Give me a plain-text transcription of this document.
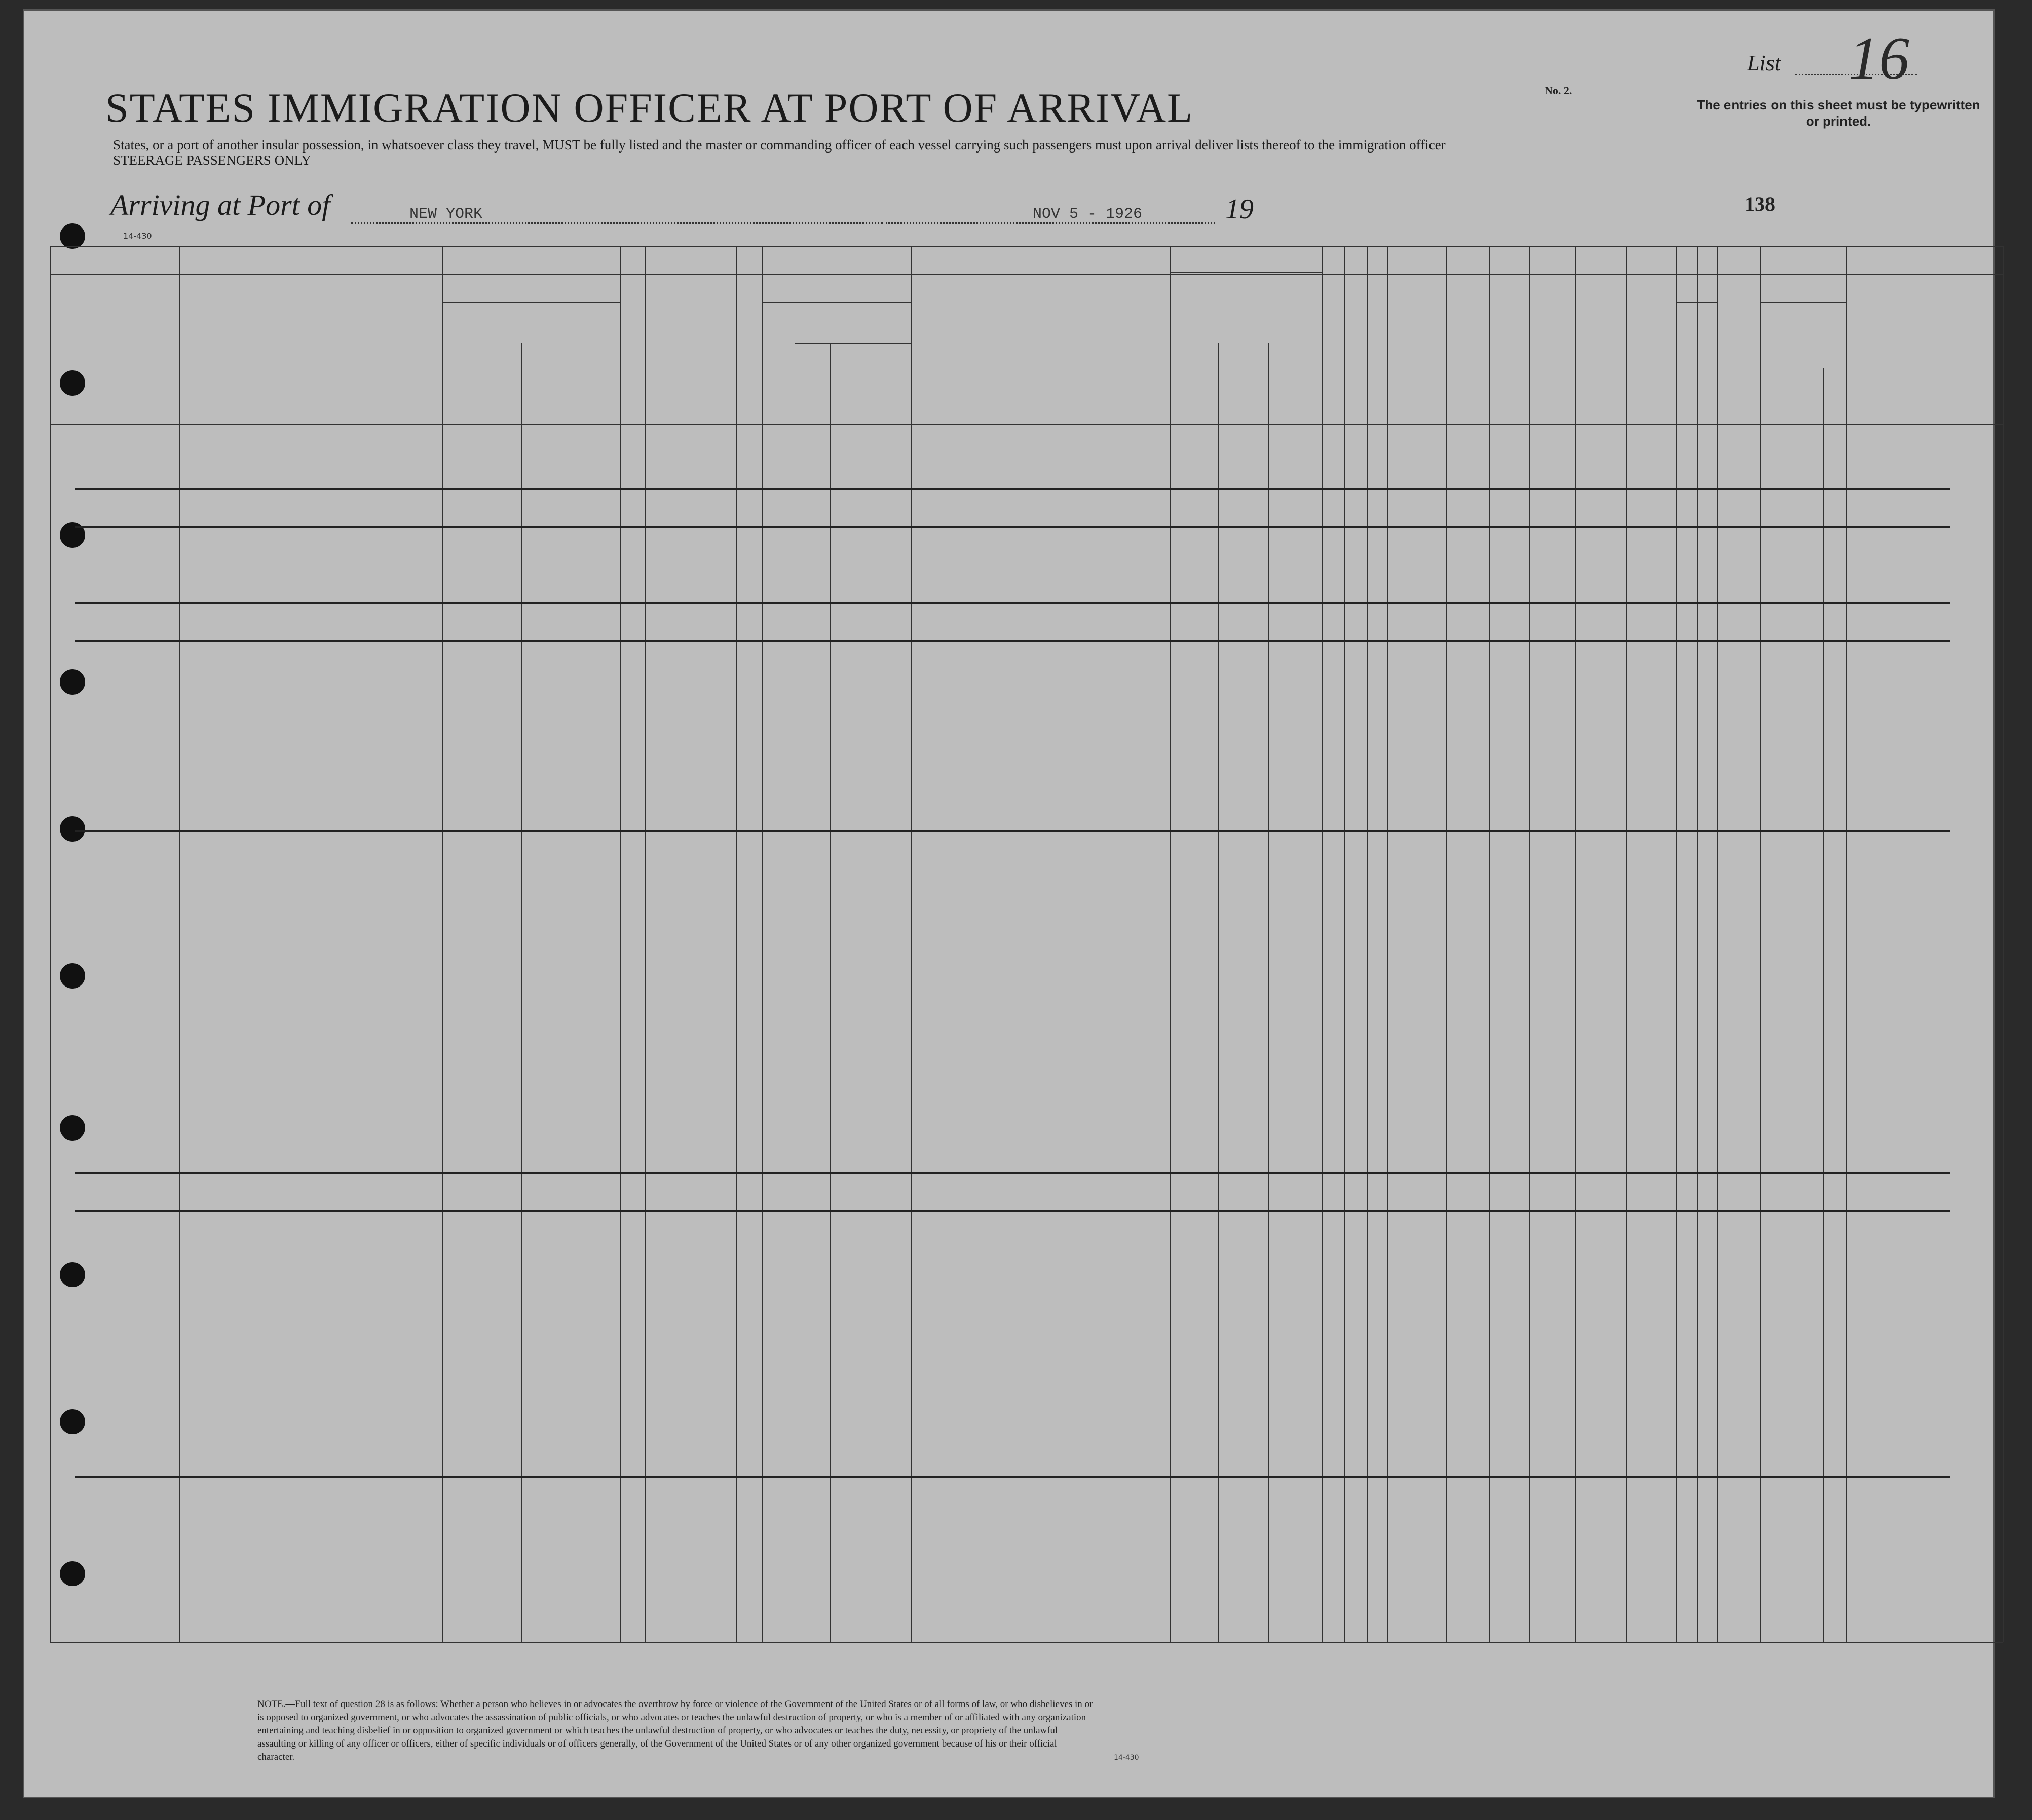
STATES IMMIGRATION OFFICER AT PORT OF ARRIVAL
States, or a port of another insular possession, in whatsoever class they travel, MUST be fully listed and the master or commanding officer of each vessel carrying such passengers must upon arrival deliver lists thereof to the immigration officer
STEERAGE PASSENGERS ONLY
Arriving at Port of	NEW YORK	NOV 5 - 1926	19
List 16
No. 2.
The entries on this sheet must be typewritten or printed.
138
14-430
NOTE.—Full text of question 28 is as follows: Whether a person who believes in or advocates the overthrow by force or violence of the Government of the United States or of all forms of law, or who disbelieves in or is opposed to organized government, or who advocates the assassination of public officials, or who advocates or teaches the unlawful destruction of property, or who is a member of or affiliated with any organization entertaining and teaching disbelief in or opposition to organized government or which teaches the unlawful destruction of property, or who advocates or teaches the duty, necessity, or propriety of the unlawful assaulting or killing of any officer or officers, either of specific individuals or of officers generally, of the Government of the United States or of any other organized government because of his or their official character.	14-430
